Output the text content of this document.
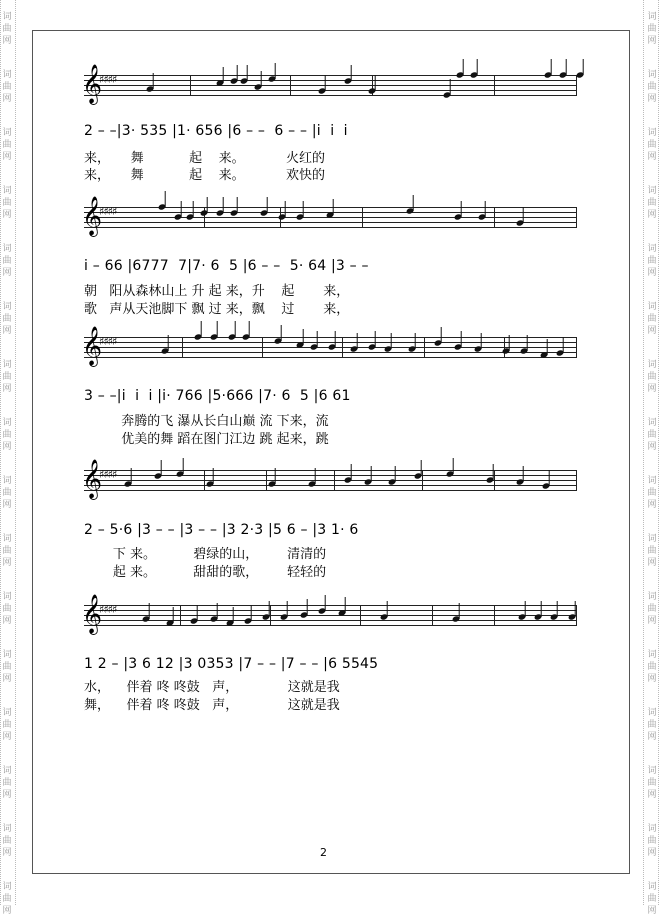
词
曲
网
词
曲
网
词
曲
网
词
曲
网
词
曲
网
词
曲
网
词
曲
网
词
曲
网
词
曲
网
词
曲
网
词
曲
网
词
曲
网
词
曲
网
词
曲
网
词
曲
网
词
曲
网
词
曲
网
词
曲
网
词
曲
网
词
曲
网
词
曲
网
词
曲
网
词
曲
网
词
曲
网
词
曲
网
词
曲
网
词
曲
网
词
曲
网
词
曲
网
词
曲
网
词
曲
网
词
曲
网
𝄞
♯♯♯♯
2 – –|3· 535 |1· 656 |6 – –  6 – – |i  i  i
来，     舞           起    来。          火红的
来，     舞           起    来。          欢快的
𝄞
♯♯♯♯
i – 66 |6777  7|7· 6  5 |6 – –  5· 64 |3 – –
朝   阳从森林山上 升 起 来，升    起       来，
歌   声从天池脚下 飘 过 来，飘    过       来，
𝄞
♯♯♯♯
3 – –|i  i  i |i· 766 |5·666 |7· 6  5 |6 61
奔腾的飞 瀑从长白山巅 流 下来，流
优美的舞 蹈在图门江边 跳 起来，跳
𝄞
♯♯♯♯
2 – 5·6 |3 – – |3 – – |3 2·3 |5 6 – |3 1· 6
下 来。         碧绿的山，       清清的
起 来。         甜甜的歌，       轻轻的
𝄞
♯♯♯♯
1 2 – |3 6 12 |3 0353 |7 – – |7 – – |6 5545
水，    伴着 咚 咚鼓   声，            这就是我
舞，    伴着 咚 咚鼓   声，            这就是我
2
